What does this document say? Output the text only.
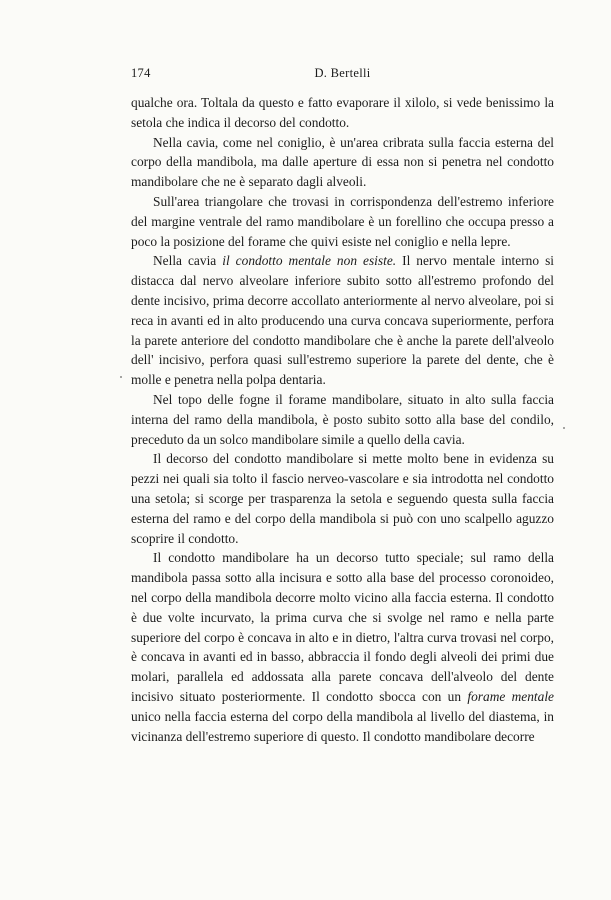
174	D. Bertelli

qualche ora. Toltala da questo e fatto evaporare il xilolo, si vede benissimo la setola che indica il decorso del condotto.

Nella cavia, come nel coniglio, è un'area cribrata sulla faccia esterna del corpo della mandibola, ma dalle aperture di essa non si penetra nel condotto mandibolare che ne è separato dagli alveoli.

Sull'area triangolare che trovasi in corrispondenza dell'estremo inferiore del margine ventrale del ramo mandibolare è un forellino che occupa presso a poco la posizione del forame che quivi esiste nel coniglio e nella lepre.

Nella cavia il condotto mentale non esiste. Il nervo mentale interno si distacca dal nervo alveolare inferiore subito sotto all'estremo profondo del dente incisivo, prima decorre accollato anteriormente al nervo alveolare, poi si reca in avanti ed in alto producendo una curva concava superiormente, perfora la parete anteriore del condotto mandibolare che è anche la parete dell'alveolo dell' incisivo, perfora quasi sull'estremo superiore la parete del dente, che è molle e penetra nella polpa dentaria.

Nel topo delle fogne il forame mandibolare, situato in alto sulla faccia interna del ramo della mandibola, è posto subito sotto alla base del condilo, preceduto da un solco mandibolare simile a quello della cavia.

Il decorso del condotto mandibolare si mette molto bene in evidenza su pezzi nei quali sia tolto il fascio nerveo-vascolare e sia introdotta nel condotto una setola; si scorge per trasparenza la setola e seguendo questa sulla faccia esterna del ramo e del corpo della mandibola si può con uno scalpello aguzzo scoprire il condotto.

Il condotto mandibolare ha un decorso tutto speciale; sul ramo della mandibola passa sotto alla incisura e sotto alla base del processo coronoideo, nel corpo della mandibola decorre molto vicino alla faccia esterna. Il condotto è due volte incurvato, la prima curva che si svolge nel ramo e nella parte superiore del corpo è concava in alto e in dietro, l'altra curva trovasi nel corpo, è concava in avanti ed in basso, abbraccia il fondo degli alveoli dei primi due molari, parallela ed addossata alla parete concava dell'alveolo del dente incisivo situato posteriormente. Il condotto sbocca con un forame mentale unico nella faccia esterna del corpo della mandibola al livello del diastema, in vicinanza dell'estremo superiore di questo. Il condotto mandibolare decorre
